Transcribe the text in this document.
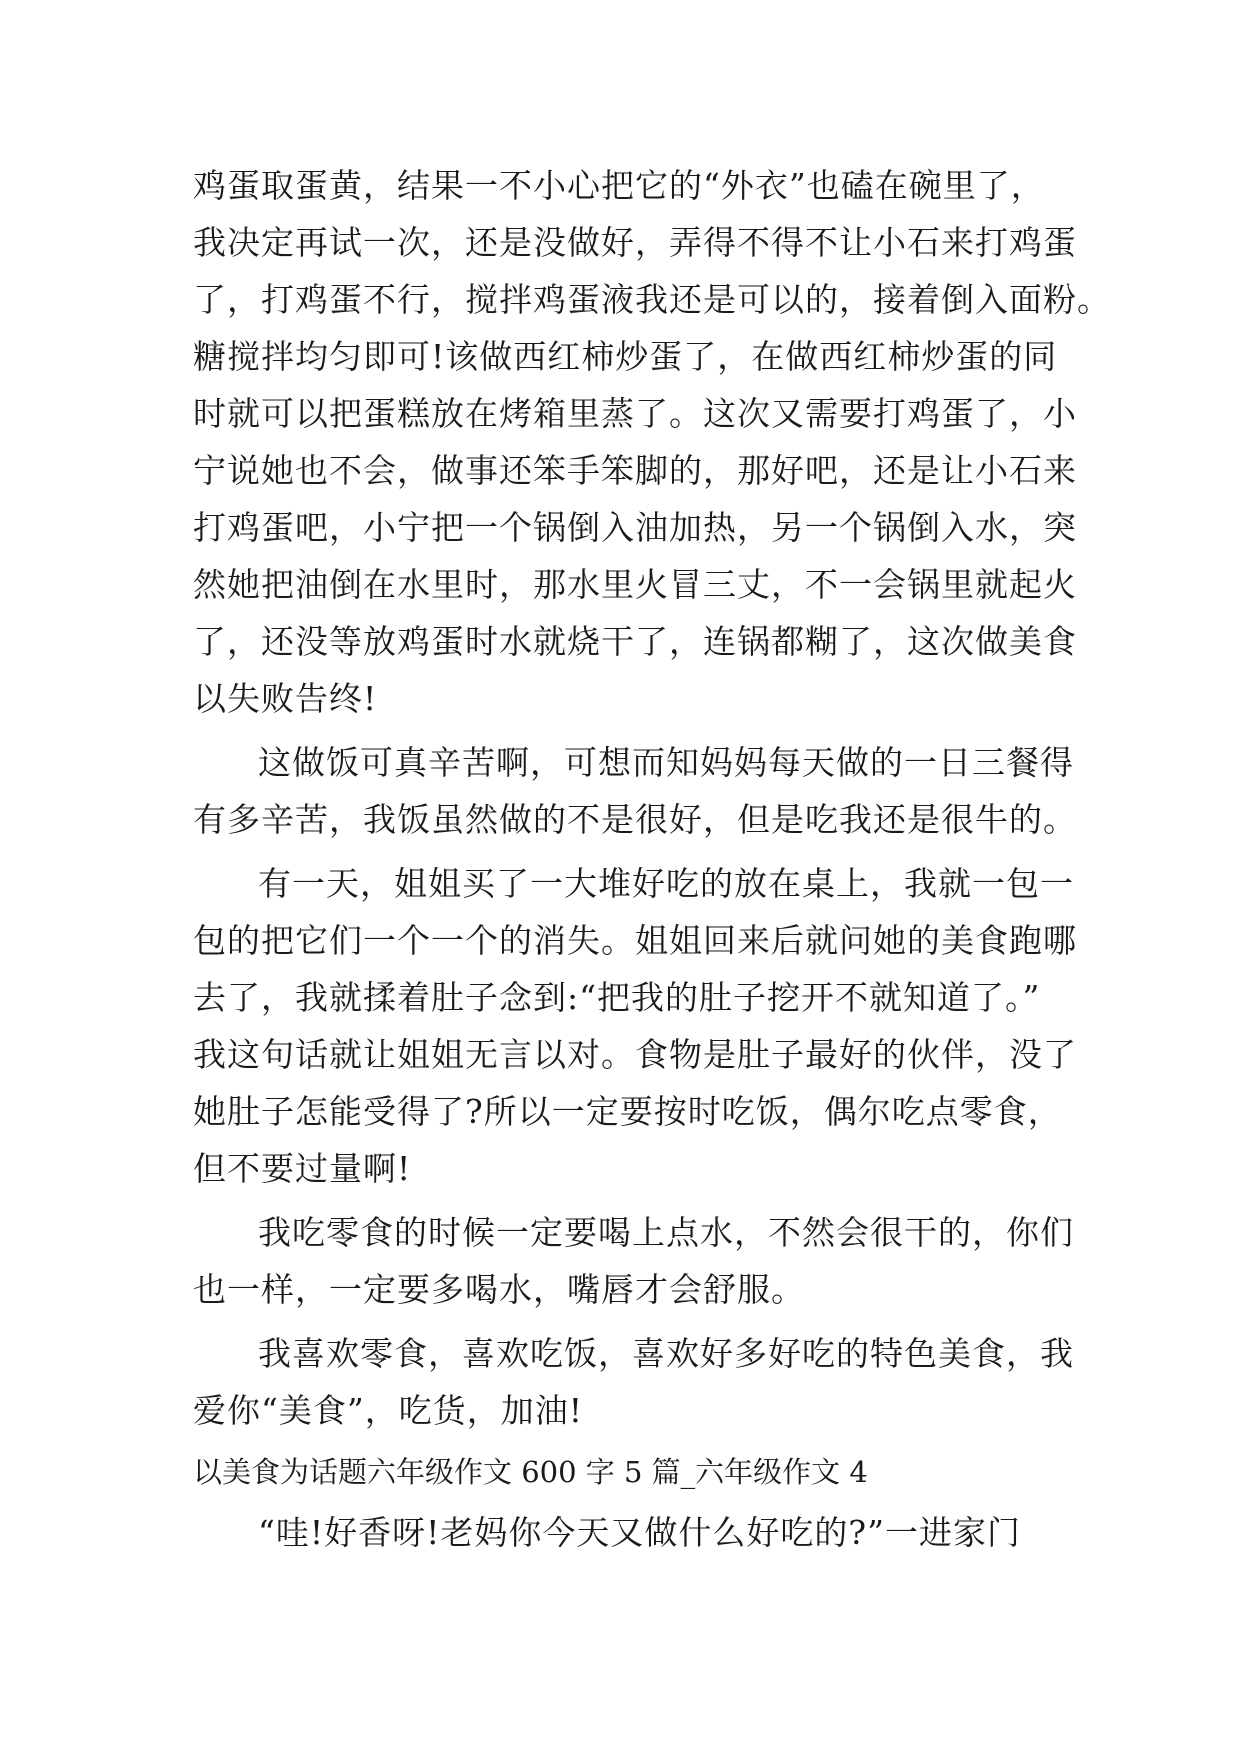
鸡蛋取蛋黄，结果一不小心把它的“外衣”也磕在碗里了，
我决定再试一次，还是没做好，弄得不得不让小石来打鸡蛋
了，打鸡蛋不行，搅拌鸡蛋液我还是可以的，接着倒入面粉。
糖搅拌均匀即可!该做西红柿炒蛋了，在做西红柿炒蛋的同
时就可以把蛋糕放在烤箱里蒸了。这次又需要打鸡蛋了，小
宁说她也不会，做事还笨手笨脚的，那好吧，还是让小石来
打鸡蛋吧，小宁把一个锅倒入油加热，另一个锅倒入水，突
然她把油倒在水里时，那水里火冒三丈，不一会锅里就起火
了，还没等放鸡蛋时水就烧干了，连锅都糊了，这次做美食
以失败告终!
这做饭可真辛苦啊，可想而知妈妈每天做的一日三餐得
有多辛苦，我饭虽然做的不是很好，但是吃我还是很牛的。
有一天，姐姐买了一大堆好吃的放在桌上，我就一包一
包的把它们一个一个的消失。姐姐回来后就问她的美食跑哪
去了，我就揉着肚子念到:“把我的肚子挖开不就知道了。”
我这句话就让姐姐无言以对。食物是肚子最好的伙伴，没了
她肚子怎能受得了?所以一定要按时吃饭，偶尔吃点零食，
但不要过量啊!
我吃零食的时候一定要喝上点水，不然会很干的，你们
也一样，一定要多喝水，嘴唇才会舒服。
我喜欢零食，喜欢吃饭，喜欢好多好吃的特色美食，我
爱你“美食”，吃货，加油!
以美食为话题六年级作文 600 字 5 篇_六年级作文 4
“哇!好香呀!老妈你今天又做什么好吃的?”一进家门
